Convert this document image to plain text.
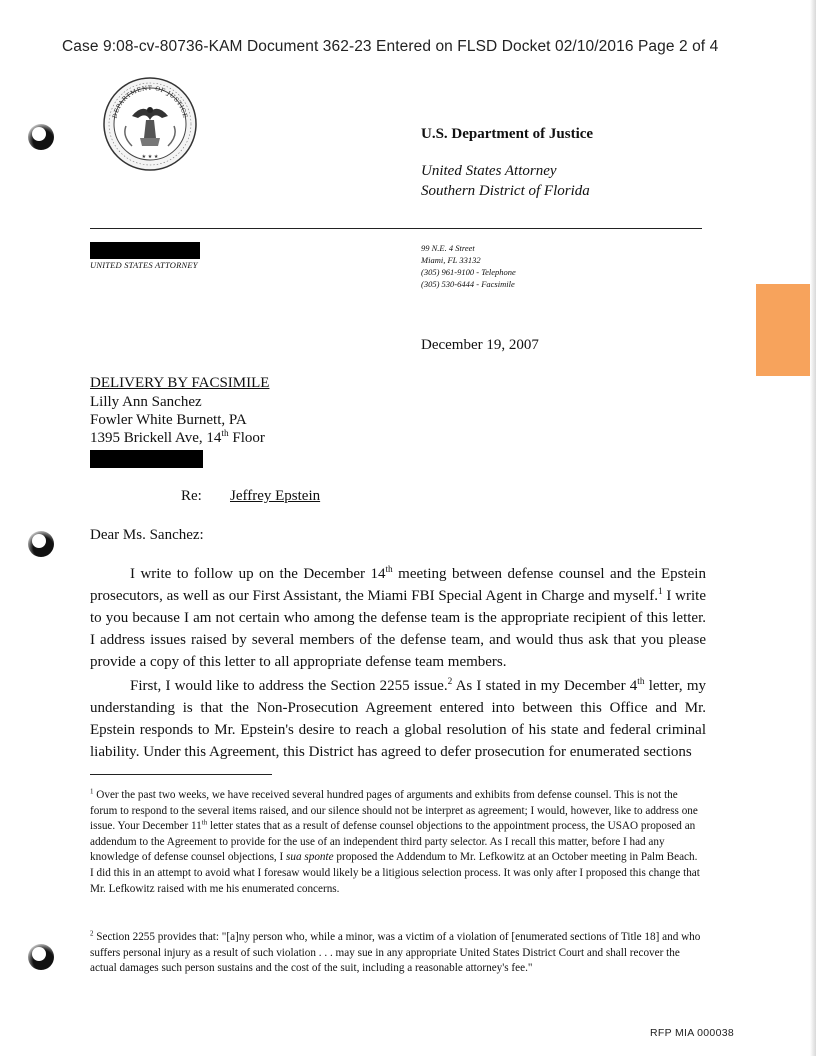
Case 9:08-cv-80736-KAM Document 362-23 Entered on FLSD Docket 02/10/2016 Page 2 of 4
★ ★ ★
DEPARTMENT OF JUSTICE
U.S. Department of Justice
United States Attorney
Southern District of Florida
UNITED STATES ATTORNEY
99 N.E. 4 Street
Miami, FL 33132
(305) 961-9100 - Telephone
(305) 530-6444 - Facsimile
December 19, 2007
DELIVERY BY FACSIMILE
Lilly Ann Sanchez
Fowler White Burnett, PA
1395 Brickell Ave, 14th Floor
Re: Jeffrey Epstein
Dear Ms. Sanchez:

I write to follow up on the December 14th meeting between defense counsel and the Epstein prosecutors, as well as our First Assistant, the Miami FBI Special Agent in Charge and myself.$^1$ I write to you because I am not certain who among the defense team is the appropriate recipient of this letter. I address issues raised by several members of the defense team, and would thus ask that you please provide a copy of this letter to all appropriate defense team members.

First, I would like to address the Section 2255 issue.$^2$ As I stated in my December 4th letter, my understanding is that the Non-Prosecution Agreement entered into between this Office and Mr. Epstein responds to Mr. Epstein's desire to reach a global resolution of his state and federal criminal liability. Under this Agreement, this District has agreed to defer prosecution for enumerated sections

$^1$ Over the past two weeks, we have received several hundred pages of arguments and exhibits from defense counsel. This is not the forum to respond to the several items raised, and our silence should not be interpret as agreement; I would, however, like to address one issue. Your December 11th letter states that as a result of defense counsel objections to the appointment process, the USAO proposed an addendum to the Agreement to provide for the use of an independent third party selector. As I recall this matter, before I had any knowledge of defense counsel objections, I sua sponte proposed the Addendum to Mr. Lefkowitz at an October meeting in Palm Beach. I did this in an attempt to avoid what I foresaw would likely be a litigious selection process. It was only after I proposed this change that Mr. Lefkowitz raised with me his enumerated concerns.

$^2$ Section 2255 provides that: "[a]ny person who, while a minor, was a victim of a violation of [enumerated sections of Title 18] and who suffers personal injury as a result of such violation . . . may sue in any appropriate United States District Court and shall recover the actual damages such person sustains and the cost of the suit, including a reasonable attorney's fee."

RFP MIA 000038
